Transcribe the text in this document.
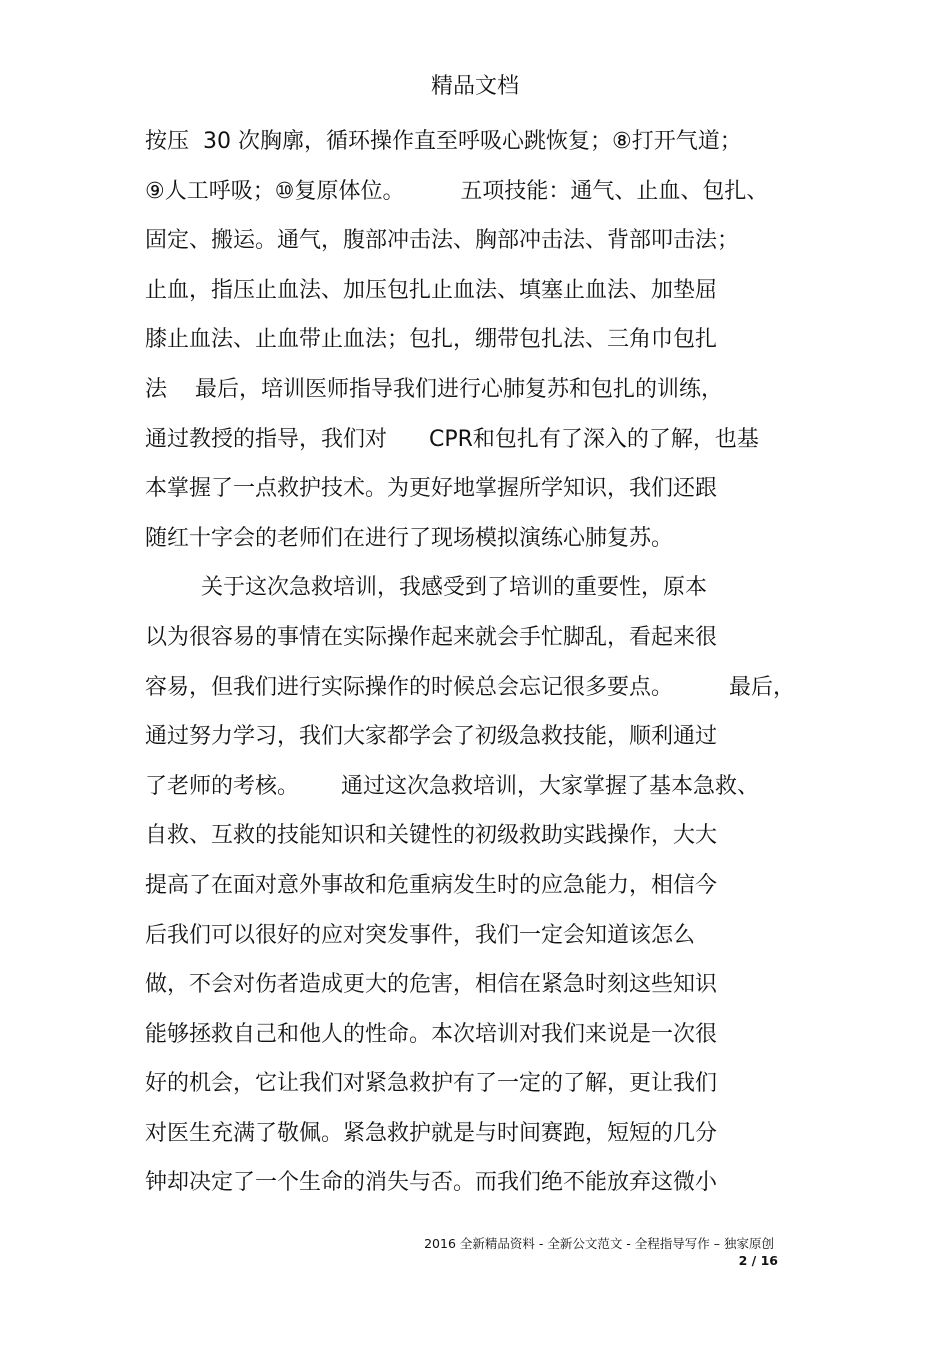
精品文档
按压  30 次胸廓，循环操作直至呼吸心跳恢复；⑧打开气道；
⑨人工呼吸；⑩复原体位。        五项技能：通气、止血、包扎、
固定、搬运。通气，腹部冲击法、胸部冲击法、背部叩击法；
止血，指压止血法、加压包扎止血法、填塞止血法、加垫屈
膝止血法、止血带止血法；包扎，绷带包扎法、三角巾包扎
法    最后，培训医师指导我们进行心肺复苏和包扎的训练，
通过教授的指导，我们对      CPR和包扎有了深入的了解，也基
本掌握了一点救护技术。为更好地掌握所学知识，我们还跟
随红十字会的老师们在进行了现场模拟演练心肺复苏。
关于这次急救培训，我感受到了培训的重要性，原本
以为很容易的事情在实际操作起来就会手忙脚乱，看起来很
容易，但我们进行实际操作的时候总会忘记很多要点。        最后，
通过努力学习，我们大家都学会了初级急救技能，顺利通过
了老师的考核。      通过这次急救培训，大家掌握了基本急救、
自救、互救的技能知识和关键性的初级救助实践操作，大大
提高了在面对意外事故和危重病发生时的应急能力，相信今
后我们可以很好的应对突发事件，我们一定会知道该怎么
做，不会对伤者造成更大的危害，相信在紧急时刻这些知识
能够拯救自己和他人的性命。本次培训对我们来说是一次很
好的机会，它让我们对紧急救护有了一定的了解，更让我们
对医生充满了敬佩。紧急救护就是与时间赛跑，短短的几分
钟却决定了一个生命的消失与否。而我们绝不能放弃这微小
2016 全新精品资料 - 全新公文范文 - 全程指导写作 – 独家原创
2 / 16
